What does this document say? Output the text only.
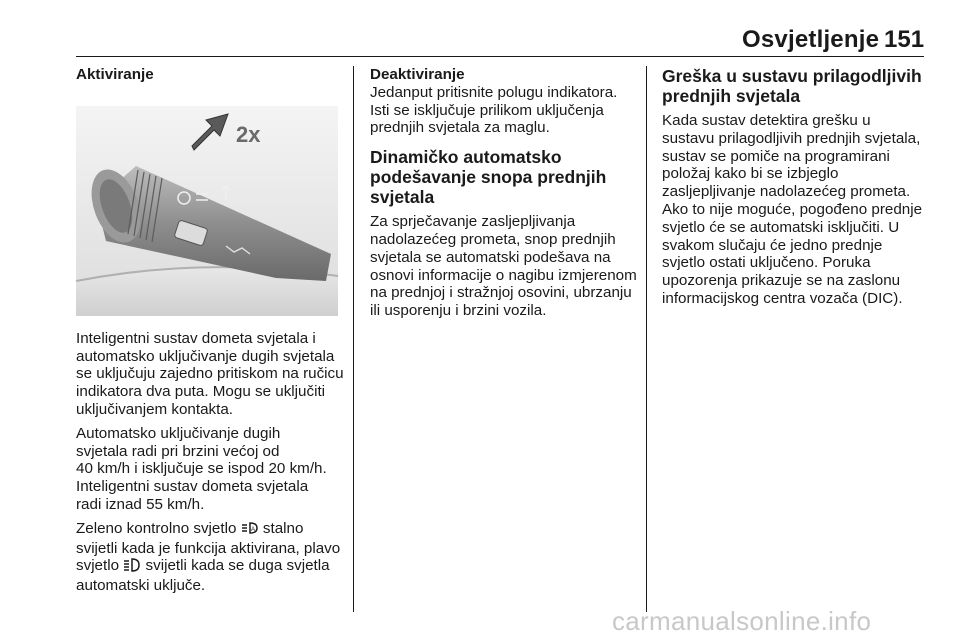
Osvjetljenje 151
Aktiviranje
2x

Inteligentni sustav dometa svjetala i automatsko uključivanje dugih svjetala se uključuju zajedno pritiskom na ručicu indikatora dva puta. Mogu se uključiti uključivanjem kontakta.

Automatsko uključivanje dugih
svjetala radi pri brzini većoj od
40 km/h i isključuje se ispod 20 km/h.
Inteligentni sustav dometa svjetala
radi iznad 55 km/h.

Zeleno kontrolno svjetlo A stalno svijetli kada je funkcija aktivirana, plavo svjetlo svijetli kada se duga svjetla automatski uključe.

Deaktiviranje

Jedanput pritisnite polugu indikatora. Isti se isključuje prilikom uključenja prednjih svjetala za maglu.

Dinamičko automatsko podešavanje snopa prednjih svjetala

Za sprječavanje zasljepljivanja nadolazećeg prometa, snop prednjih svjetala se automatski podešava na osnovi informacije o nagibu izmjerenom na prednjoj i stražnjoj osovini, ubrzanju ili usporenju i brzini vozila.

Greška u sustavu prilagodljivih prednjih svjetala

Kada sustav detektira grešku u sustavu prilagodljivih prednjih svjetala, sustav se pomiče na programirani položaj kako bi se izbjeglo zasljepljivanje nadolazećeg prometa. Ako to nije moguće, pogođeno prednje svjetlo će se automatski isključiti. U svakom slučaju će jedno prednje svjetlo ostati uključeno. Poruka upozorenja prikazuje se na zaslonu informacijskog centra vozača (DIC).

carmanualsonline.info
